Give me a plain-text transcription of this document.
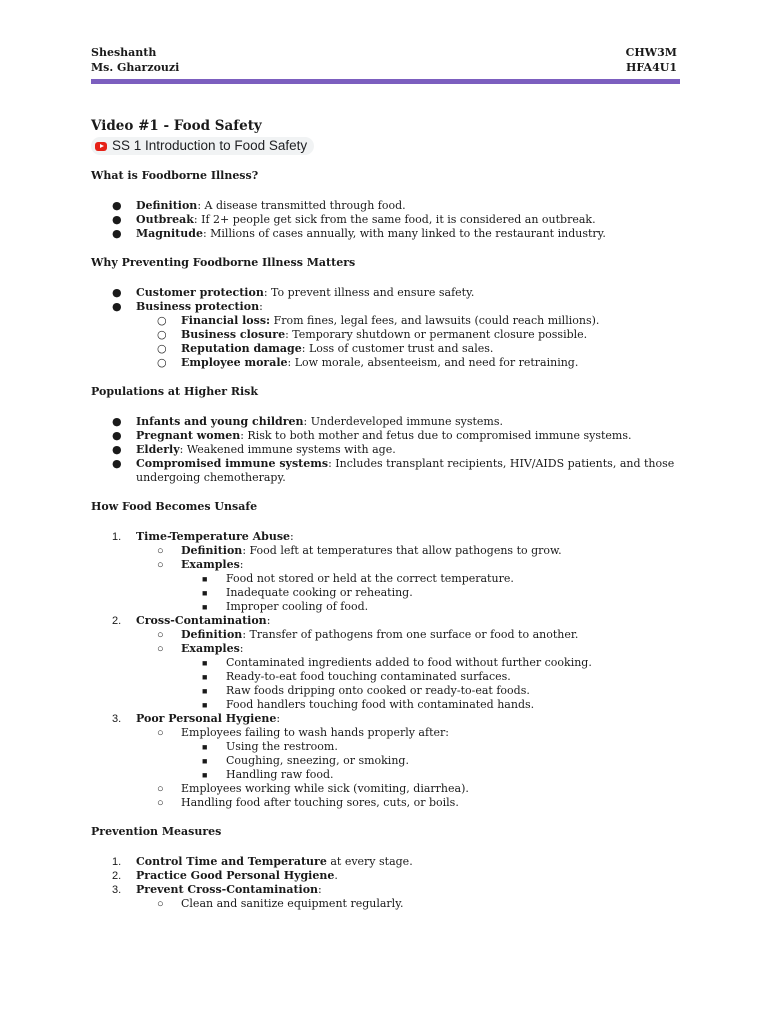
Sheshanth
Ms. Gharzouzi
CHW3M
HFA4U1
Video #1 - Food Safety
SS 1 Introduction to Food Safety
What is Foodborne Illness?
●	Definition: A disease transmitted through food.
●	Outbreak: If 2+ people get sick from the same food, it is considered an outbreak.
●	Magnitude: Millions of cases annually, with many linked to the restaurant industry.
Why Preventing Foodborne Illness Matters
●	Customer protection: To prevent illness and ensure safety.
●	Business protection:
○ Financial loss: From fines, legal fees, and lawsuits (could reach millions).
○ Business closure: Temporary shutdown or permanent closure possible.
○ Reputation damage: Loss of customer trust and sales.
○ Employee morale: Low morale, absenteeism, and need for retraining.
Populations at Higher Risk
●	Infants and young children: Underdeveloped immune systems.
●	Pregnant women: Risk to both mother and fetus due to compromised immune systems.
●	Elderly: Weakened immune systems with age.
●	Compromised immune systems: Includes transplant recipients, HIV/AIDS patients, and those undergoing chemotherapy.
How Food Becomes Unsafe
1.	Time-Temperature Abuse:
○ Definition: Food left at temperatures that allow pathogens to grow.
○ Examples:
■ Food not stored or held at the correct temperature.
■ Inadequate cooking or reheating.
■ Improper cooling of food.
2.	Cross-Contamination:
○ Definition: Transfer of pathogens from one surface or food to another.
○ Examples:
■ Contaminated ingredients added to food without further cooking.
■ Ready-to-eat food touching contaminated surfaces.
■ Raw foods dripping onto cooked or ready-to-eat foods.
■ Food handlers touching food with contaminated hands.
3.	Poor Personal Hygiene:
○ Employees failing to wash hands properly after:
■ Using the restroom.
■ Coughing, sneezing, or smoking.
■ Handling raw food.
○ Employees working while sick (vomiting, diarrhea).
○ Handling food after touching sores, cuts, or boils.
Prevention Measures
1.	Control Time and Temperature at every stage.
2.	Practice Good Personal Hygiene.
3.	Prevent Cross-Contamination:
○ Clean and sanitize equipment regularly.
